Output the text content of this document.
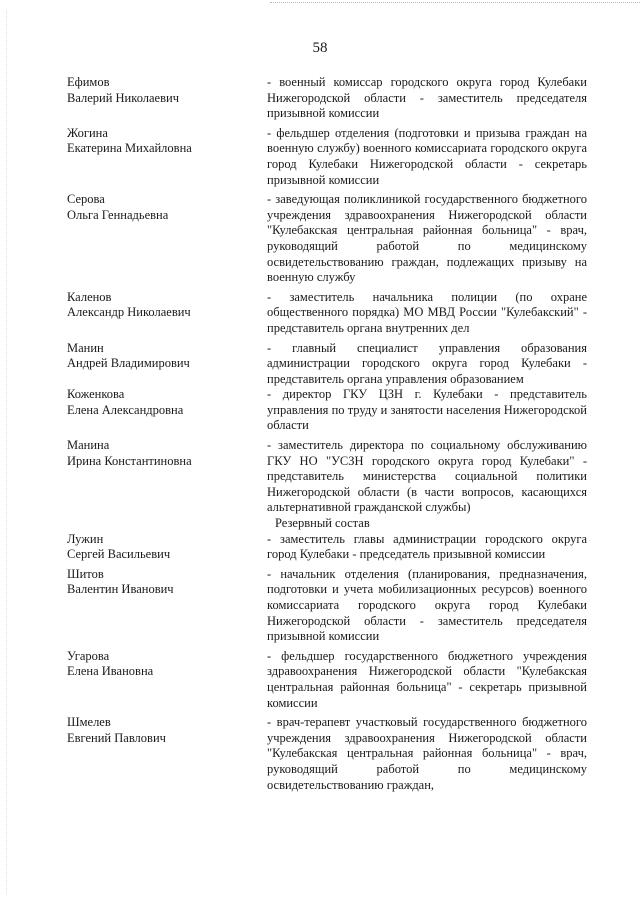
58
Ефимов
Валерий Николаевич
- военный комиссар городского округа город Кулебаки Нижегородской области - заместитель председателя призывной комиссии
Жогина
Екатерина Михайловна
- фельдшер отделения (подготовки и призыва граждан на военную службу) военного комиссариата городского округа город Кулебаки Нижегородской области - секретарь призывной комиссии
Серова
Ольга Геннадьевна
- заведующая поликлиникой государственного бюджетного учреждения здравоохранения Нижегородской области "Кулебакская центральная районная больница" - врач, руководящий работой по медицинскому освидетельствованию граждан, подлежащих призыву на военную службу
Каленов
Александр Николаевич
- заместитель начальника полиции (по охране общественного порядка) МО МВД России "Кулебакский" - представитель органа внутренних дел
Манин
Андрей Владимирович
- главный специалист управления образования администрации городского округа город Кулебаки - представитель органа управления образованием
Коженкова
Елена Александровна
- директор ГКУ ЦЗН г. Кулебаки - представитель управления по труду и занятости населения Нижегородской области
Манина
Ирина Константиновна
- заместитель директора по социальному обслуживанию ГКУ НО "УСЗН городского округа город Кулебаки" - представитель министерства социальной политики Нижегородской области (в части вопросов, касающихся альтернативной гражданской службы)
Резервный состав
Лужин
Сергей Васильевич
- заместитель главы администрации городского округа город Кулебаки - председатель призывной комиссии
Шитов
Валентин Иванович
- начальник отделения (планирования, предназначения, подготовки и учета мобилизационных ресурсов) военного комиссариата городского округа город Кулебаки Нижегородской области - заместитель председателя призывной комиссии
Угарова
Елена Ивановна
- фельдшер государственного бюджетного учреждения здравоохранения Нижегородской области "Кулебакская центральная районная больница" - секретарь призывной комиссии
Шмелев
Евгений Павлович
- врач-терапевт участковый государственного бюджетного учреждения здравоохранения Нижегородской области "Кулебакская центральная районная больница" - врач, руководящий работой по медицинскому освидетельствованию граждан,
